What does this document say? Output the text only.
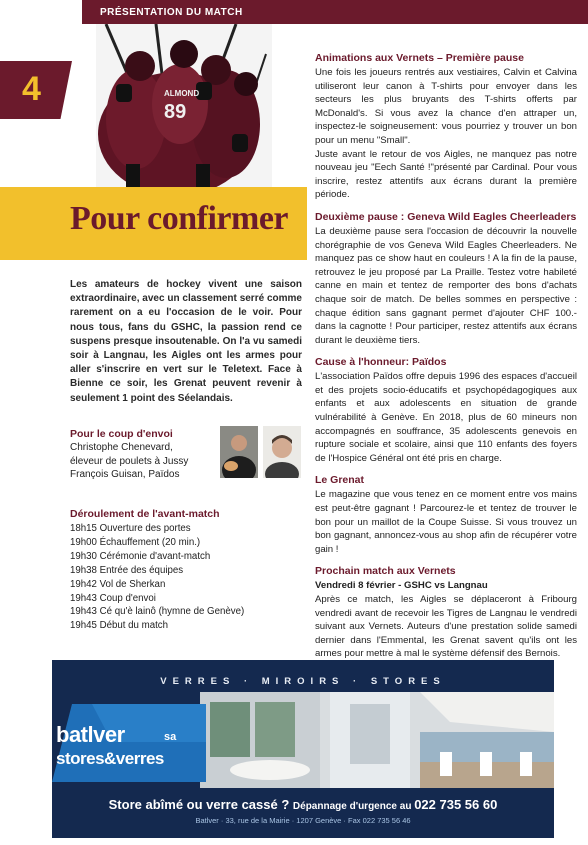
PRÉSENTATION DU MATCH
ALMOND
89
4
Pour confirmer
Les amateurs de hockey vivent une saison extraordinaire, avec un classement serré comme rarement on a eu l'occasion de le voir. Pour nous tous, fans du GSHC, la passion rend ce suspens presque insoutenable. On l'a vu samedi soir à Langnau, les Aigles ont les armes pour aller s'inscrire en vert sur le Teletext. Face à Bienne ce soir, les Grenat peuvent revenir à seulement 1 point des Séelandais.
Pour le coup d'envoi
Christophe Chenevard,
éleveur de poulets à Jussy
François Guisan, Païdos
Déroulement de l'avant-match
18h15 Ouverture des portes
19h00 Échauffement (20 min.)
19h30 Cérémonie d'avant-match
19h38 Entrée des équipes
19h42 Vol de Sherkan
19h43 Coup d'envoi
19h43 Cé qu'è lainô (hymne de Genève)
19h45 Début du match
Animations aux Vernets – Première pause

Une fois les joueurs rentrés aux vestiaires, Calvin et Calvina utiliseront leur canon à T-shirts pour envoyer dans les secteurs les plus bruyants des T-shirts offerts par McDonald's. Si vous avez la chance d'en attraper un, inspectez-le soigneusement: vous pourriez y trouver un bon pour un menu "Small".

Juste avant le retour de vos Aigles, ne manquez pas notre nouveau jeu "Eech Santé !"présenté par Cardinal. Pour vous inscrire, restez attentifs aux écrans durant la première période.

Deuxième pause : Geneva Wild Eagles Cheerleaders

La deuxième pause sera l'occasion de découvrir la nouvelle chorégraphie de vos Geneva Wild Eagles Cheerleaders. Ne manquez pas ce show haut en couleurs ! A la fin de la pause, retrouvez le jeu proposé par La Praille. Testez votre habileté canne en main et tentez de remporter des bons d'achats chaque soir de match. De belles sommes en perspective : chaque édition sans gagnant permet d'ajouter CHF 100.- dans la cagnotte ! Pour participer, restez attentifs aux écrans durant le deuxième tiers.

Cause à l'honneur: Païdos

L'association Païdos offre depuis 1996 des espaces d'accueil et des projets socio-éducatifs et psychopédagogiques aux enfants et aux adolescents en situation de grande vulnérabilité à Genève. En 2018, plus de 60 mineurs non accompagnés en souffrance, 35 adolescents genevois en rupture sociale et scolaire, ainsi que 110 enfants des foyers de l'Hospice Général ont été pris en charge.

Le Grenat

Le magazine que vous tenez en ce moment entre vos mains est peut-être gagnant ! Parcourez-le et tentez de trouver le bon pour un maillot de la Coupe Suisse. Si vous trouvez un bon gagnant, annoncez-vous au shop afin de récupérer votre gain !

Prochain match aux Vernets

Vendredi 8 février - GSHC vs Langnau

Après ce match, les Aigles se déplaceront à Fribourg vendredi avant de recevoir les Tigres de Langnau le vendredi suivant aux Vernets. Auteurs d'une prestation solide samedi dernier dans l'Emmental, les Grenat savent qu'ils ont les armes pour mettre à mal le système défensif des Bernois.

VERRES · MIROIRS · STORES
batlver	sa
stores&verres
Store abîmé ou verre cassé ? Dépannage d'urgence au 022 735 56 60
Batlver · 33, rue de la Mairie · 1207 Genève · Fax 022 735 56 46
